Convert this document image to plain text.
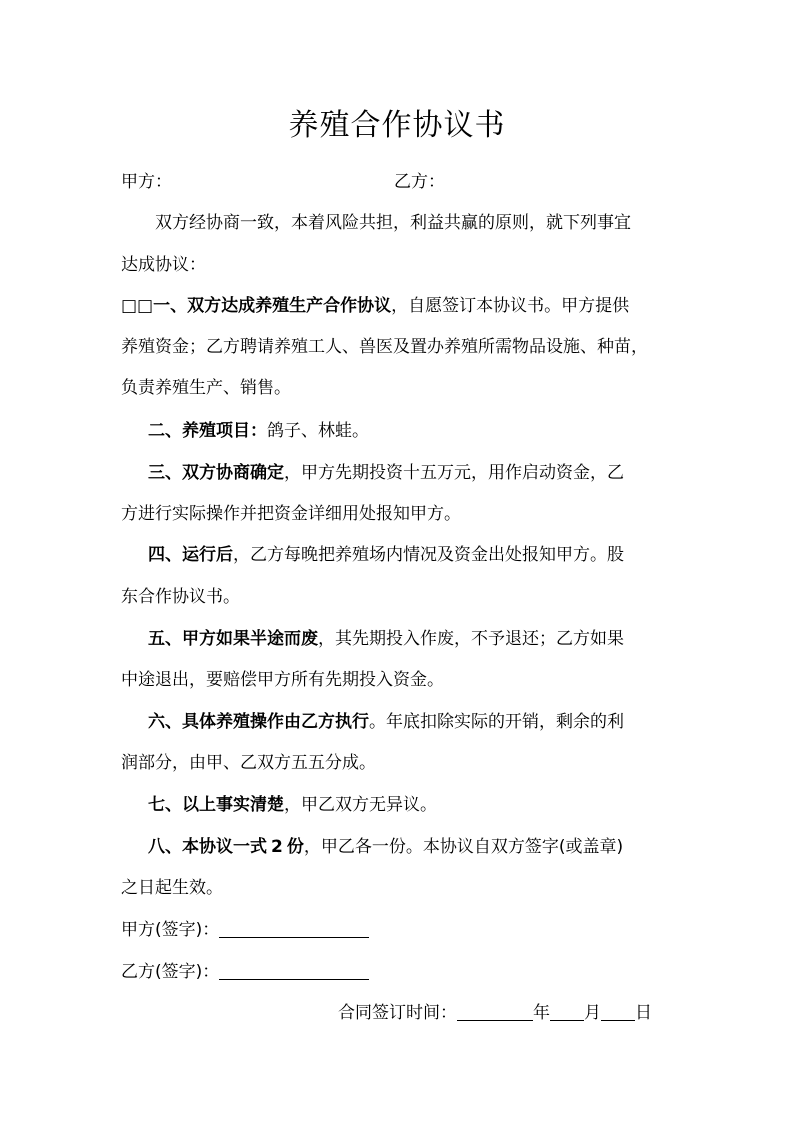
养殖合作协议书
甲方：	乙方：
双方经协商一致，本着风险共担，利益共赢的原则，就下列事宜
达成协议：
□□一、双方达成养殖生产合作协议，自愿签订本协议书。甲方提供
养殖资金；乙方聘请养殖工人、兽医及置办养殖所需物品设施、种苗，
负责养殖生产、销售。
二、养殖项目：鸽子、林蛙。
三、双方协商确定，甲方先期投资十五万元，用作启动资金，乙
方进行实际操作并把资金详细用处报知甲方。
四、运行后，乙方每晚把养殖场内情况及资金出处报知甲方。股
东合作协议书。
五、甲方如果半途而废，其先期投入作废，不予退还；乙方如果
中途退出，要赔偿甲方所有先期投入资金。
六、具体养殖操作由乙方执行。年底扣除实际的开销，剩余的利
润部分，由甲、乙双方五五分成。
七、以上事实清楚，甲乙双方无异议。
八、本协议一式 2 份，甲乙各一份。本协议自双方签字(或盖章)
之日起生效。
甲方(签字)：
乙方(签字)：
合同签订时间：	年 月 日
